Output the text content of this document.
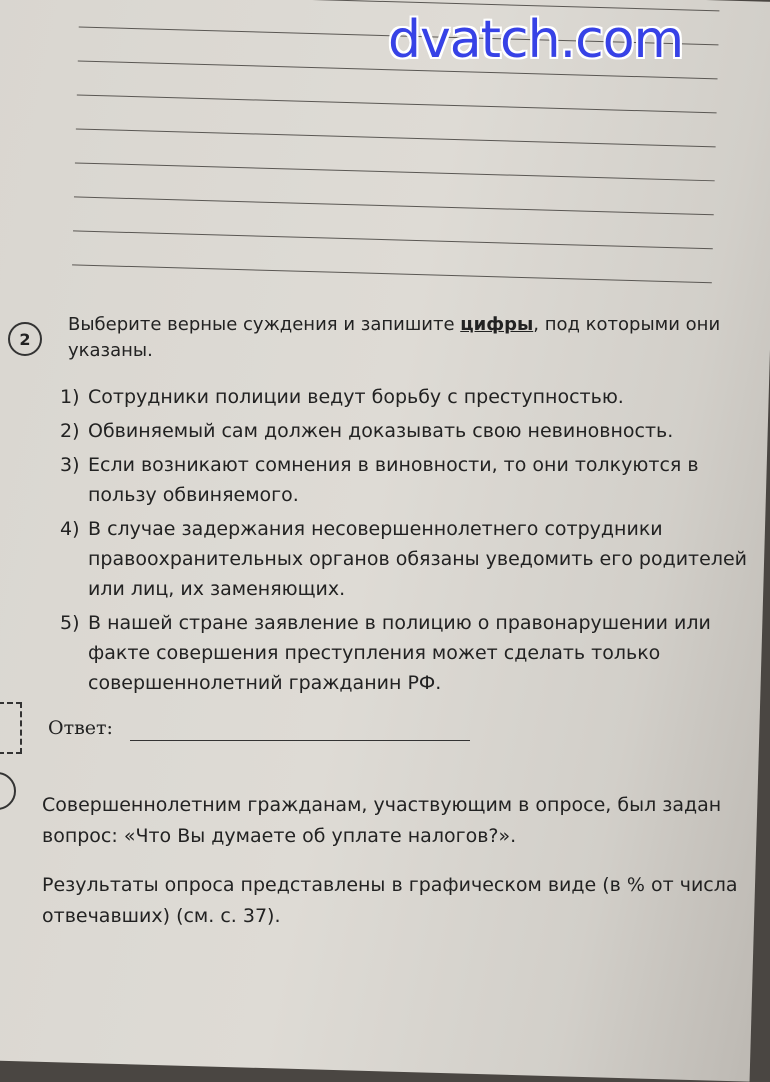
dvatch.com
2
Выберите верные суждения и запишите цифры, под которыми они указаны.
1) Сотрудники полиции ведут борьбу с преступностью.
2) Обвиняемый сам должен доказывать свою невиновность.
3) Если возникают сомнения в виновности, то они толкуются в пользу обвиняемого.
4) В случае задержания несовершеннолетнего сотрудники правоохранительных органов обязаны уведомить его родителей или лиц, их заменяющих.
5) В нашей стране заявление в полицию о правонарушении или факте совершения преступления может сделать только совершеннолетний гражданин РФ.
Ответ:

Совершеннолетним гражданам, участвующим в опросе, был задан вопрос: «Что Вы думаете об уплате налогов?».

Результаты опроса представлены в графическом виде (в % от числа отвечавших) (см. с. 37).
